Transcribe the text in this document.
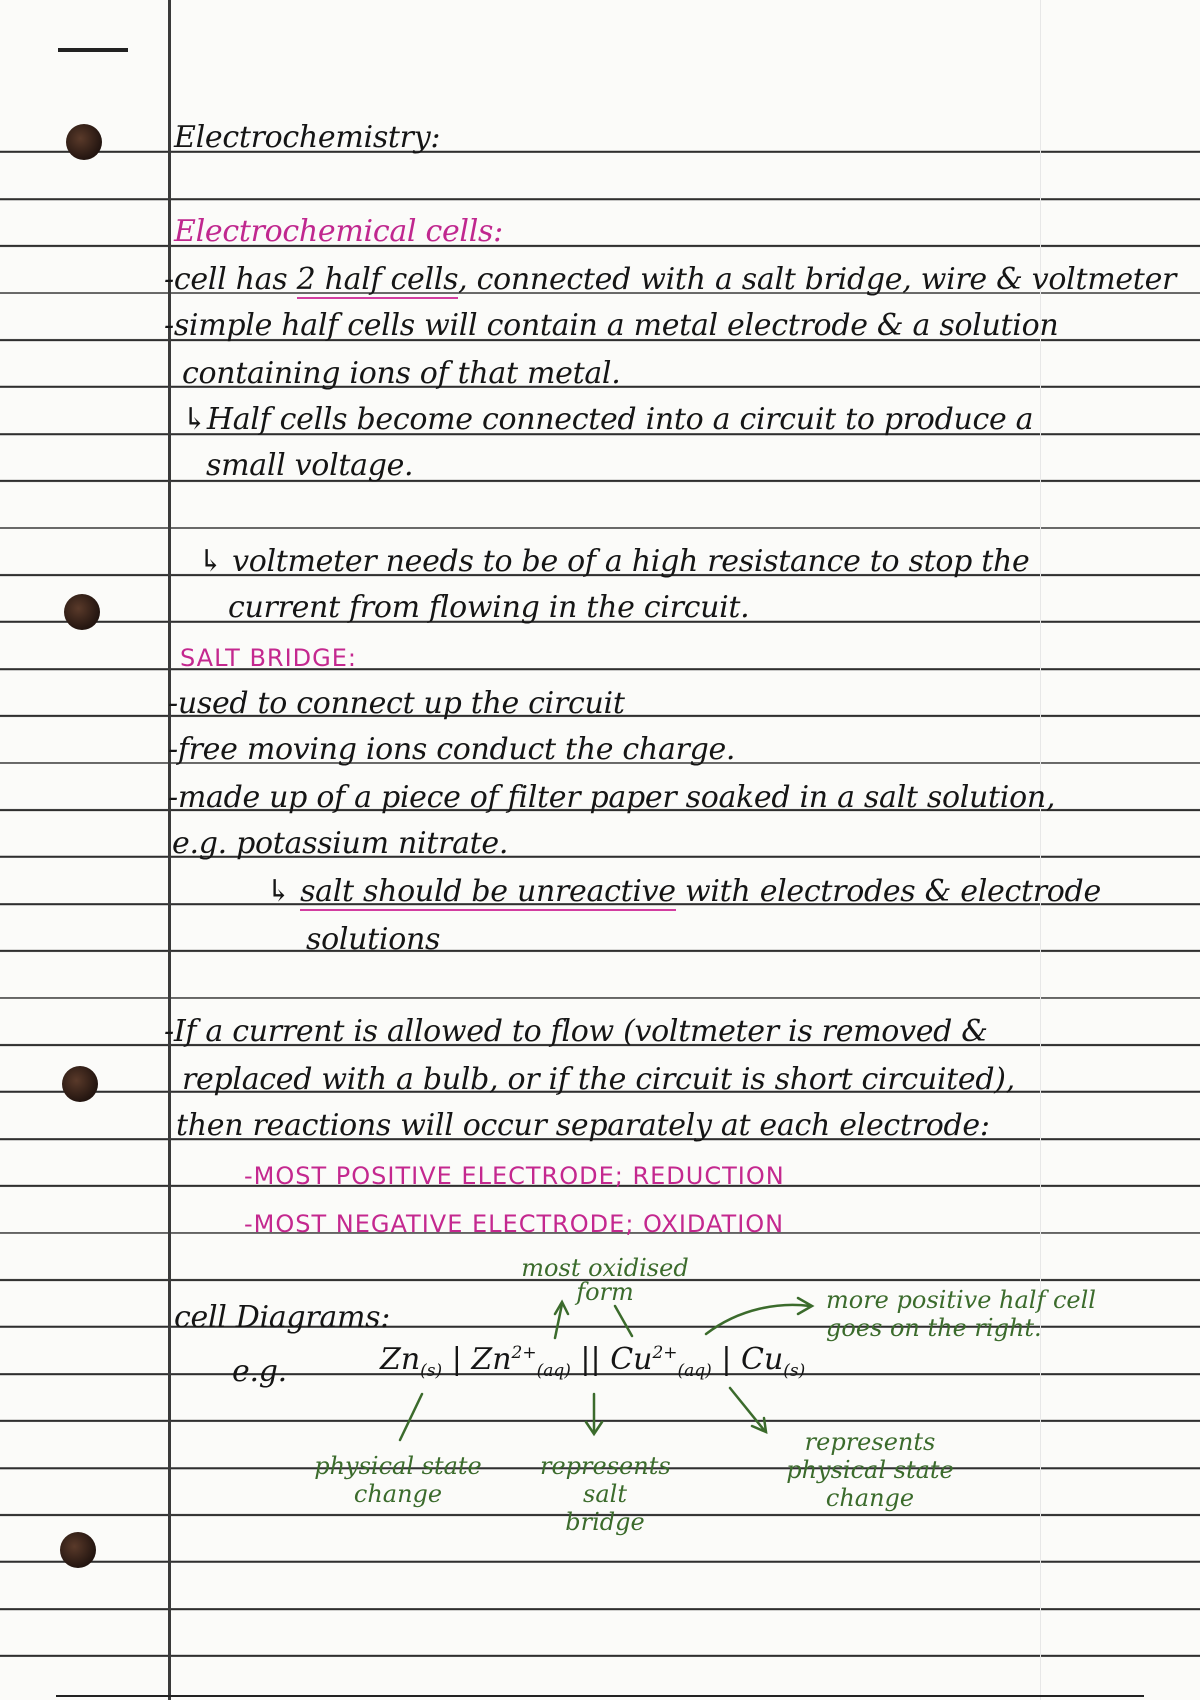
Electrochemistry:
Electrochemical cells:
-cell has 2 half cells, connected with a salt bridge, wire & voltmeter
-simple half cells will contain a metal electrode & a solution
containing ions of that metal.
↳Half cells become connected into a circuit to produce a
small voltage.
↳ voltmeter needs to be of a high resistance to stop the
current from flowing in the circuit.
SALT BRIDGE:
-used to connect up the circuit
-free moving ions conduct the charge.
-made up of a piece of filter paper soaked in a salt solution,
e.g. potassium nitrate.
↳ salt should be unreactive with electrodes & electrode
solutions
-If a current is allowed to flow (voltmeter is removed &
replaced with a bulb, or if the circuit is short circuited),
then reactions will occur separately at each electrode:
-MOST POSITIVE ELECTRODE; REDUCTION
-MOST NEGATIVE ELECTRODE; OXIDATION
cell Diagrams:
e.g.	$Zn_{(s)}$ | $Zn^{2+}_{(aq)}$ || $Cu^{2+}_{(aq)}$ | $Cu_{(s)}$
most oxidised form	more positive half cell goes on the right.
physical state change
represents salt bridge
represents physical state change
